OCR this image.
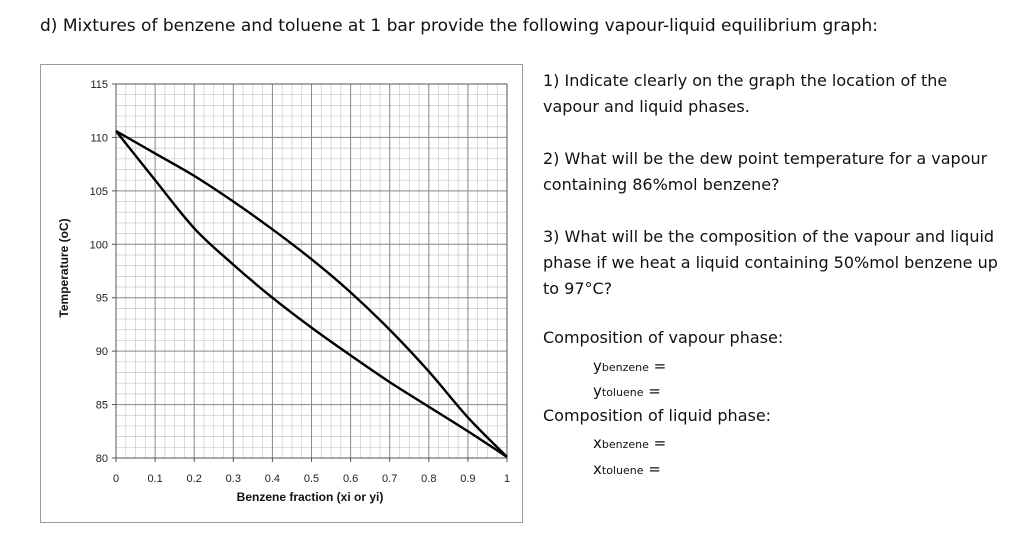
d) Mixtures of benzene and toluene at 1 bar provide the following vapour-liquid equilibrium graph:
80
85
90
95
100
105
110
115
0	0.1 0.2 0.3 0.4 0.5 0.6 0.7 0.8 0.9	1
Temperature (oC)
Benzene fraction (xi or yi)
1) Indicate clearly on the graph the location of the vapour and liquid phases.
2) What will be the dew point temperature for a vapour containing 86%mol benzene?
3) What will be the composition of the vapour and liquid phase if we heat a liquid containing 50%mol benzene up to 97°C?
Composition of vapour phase:
ybenzene =
ytoluene =
Composition of liquid phase:
xbenzene =
xtoluene =
